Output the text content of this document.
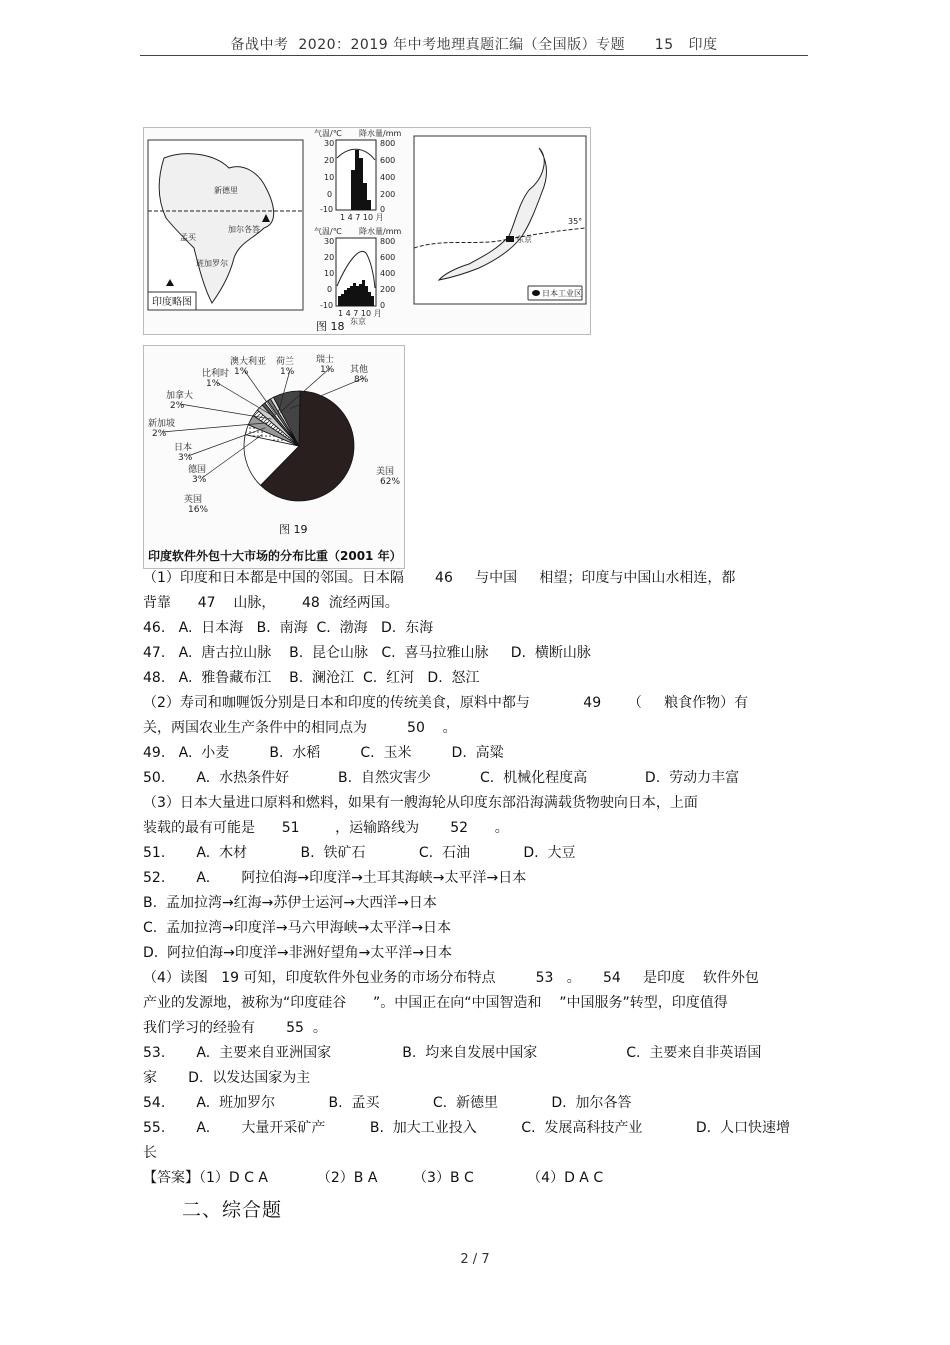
备战中考  2020：2019 年中考地理真题汇编（全国版）专题      15   印度
新德里
加尔各答
孟买
班加罗尔
印度略图
气温/℃ 降水量/mm
30
20
10
0
-10
800
600
400
200
0
1 4 7 10 月
气温/℃ 降水量/mm
30
20
10
0
-10
800
600
400
200
0
1 4 7 10 月
东京
35°
东京
日本工业区
图 18
美国
62%
英国
16%
德国
3%
日本
3%
新加坡
2%
加拿大
2%
比利时
1%
澳大利亚
1%
荷兰
1%
瑞士
1% 其他
8%
图 19
印度软件外包十大市场的分布比重（2001 年）
（1）印度和日本都是中国的邻国。日本隔       46     与中国     相望；印度与中国山水相连，都
背靠      47    山脉，      48  流经两国。
46.   A.  日本海   B.  南海  C.  渤海   D.  东海
47.   A.  唐古拉山脉    B.  昆仑山脉   C.  喜马拉雅山脉     D.  横断山脉
48.   A.  雅鲁藏布江    B.  澜沧江  C.  红河   D.  怒江
（2）寿司和咖喱饭分别是日本和印度的传统美食，原料中都与            49      （     粮食作物）有
关，两国农业生产条件中的相同点为         50    。
49.   A.  小麦         B.  水稻         C.  玉米         D.  高粱
50.       A.  水热条件好           B.  自然灾害少           C.  机械化程度高             D.  劳动力丰富
（3）日本大量进口原料和燃料，如果有一艘海轮从印度东部沿海满载货物驶向日本，上面
装载的最有可能是      51        ，运输路线为       52      。
51.       A.  木材            B.  铁矿石            C.  石油            D.  大豆
52.       A.       阿拉伯海→印度洋→土耳其海峡→太平洋→日本
B.  孟加拉湾→红海→苏伊士运河→大西洋→日本
C.  孟加拉湾→印度洋→马六甲海峡→太平洋→日本
D.  阿拉伯海→印度洋→非洲好望角→太平洋→日本
（4）读图   19 可知，印度软件外包业务的市场分布特点         53   。     54     是印度    软件外包
产业的发源地，被称为“印度硅谷      ”。中国正在向“中国智造和    ”中国服务”转型，印度值得
我们学习的经验有       55  。
53.       A.  主要来自亚洲国家                B.  均来自发展中国家                    C.  主要来自非英语国
家       D.  以发达国家为主
54.       A.  班加罗尔            B.  孟买            C.  新德里            D.  加尔各答
55.       A.       大量开采矿产          B.  加大工业投入          C.  发展高科技产业            D.  人口快速增
长
【答案】（1）D C A           （2）B A        （3）B C            （4）D A C
二、综合题
2 / 7
